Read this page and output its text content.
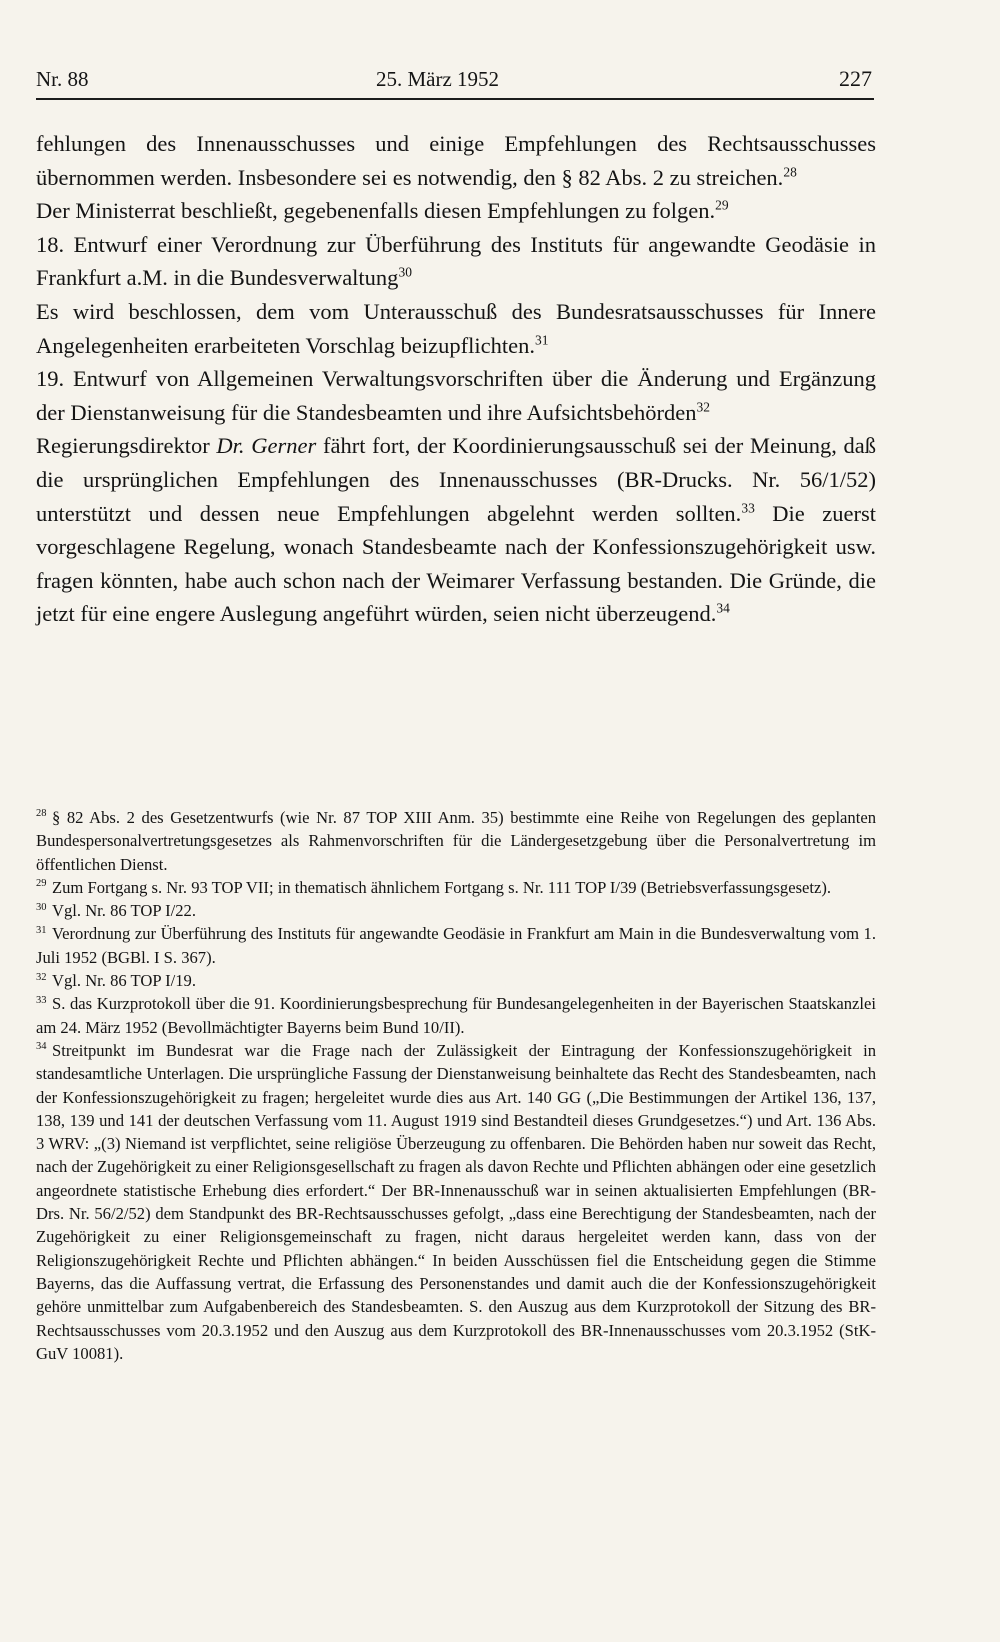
Nr. 88	25. März 1952	227

fehlungen des Innenausschusses und einige Empfehlungen des Rechtsausschusses übernommen werden. Insbesondere sei es notwendig, den § 82 Abs. 2 zu streichen.$^{28}$

Der Ministerrat beschließt, gegebenenfalls diesen Empfehlungen zu folgen.$^{29}$

18. Entwurf einer Verordnung zur Überführung des Instituts für angewandte Geodäsie in Frankfurt a.M. in die Bundesverwaltung$^{30}$

Es wird beschlossen, dem vom Unterausschuß des Bundesratsausschusses für Innere Angelegenheiten erarbeiteten Vorschlag beizupflichten.$^{31}$

19. Entwurf von Allgemeinen Verwaltungsvorschriften über die Änderung und Ergänzung der Dienstanweisung für die Standesbeamten und ihre Aufsichtsbehörden$^{32}$

Regierungsdirektor Dr. Gerner fährt fort, der Koordinierungsausschuß sei der Meinung, daß die ursprünglichen Empfehlungen des Innenausschusses (BR-Drucks. Nr. 56/1/52) unterstützt und dessen neue Empfehlungen abgelehnt werden sollten.$^{33}$ Die zuerst vorgeschlagene Regelung, wonach Standesbeamte nach der Konfessionszugehörigkeit usw. fragen könnten, habe auch schon nach der Weimarer Verfassung bestanden. Die Gründe, die jetzt für eine engere Auslegung angeführt würden, seien nicht überzeugend.$^{34}$

28 § 82 Abs. 2 des Gesetzentwurfs (wie Nr. 87 TOP XIII Anm. 35) bestimmte eine Reihe von Regelungen des geplanten Bundespersonalvertretungsgesetzes als Rahmenvorschriften für die Ländergesetzgebung über die Personalvertretung im öffentlichen Dienst.

29 Zum Fortgang s. Nr. 93 TOP VII; in thematisch ähnlichem Fortgang s. Nr. 111 TOP I/39 (Betriebsverfassungsgesetz).

30 Vgl. Nr. 86 TOP I/22.

31 Verordnung zur Überführung des Instituts für angewandte Geodäsie in Frankfurt am Main in die Bundesverwaltung vom 1. Juli 1952 (BGBl. I S. 367).

32 Vgl. Nr. 86 TOP I/19.

33 S. das Kurzprotokoll über die 91. Koordinierungsbesprechung für Bundesangelegenheiten in der Bayerischen Staatskanzlei am 24. März 1952 (Bevollmächtigter Bayerns beim Bund 10/II).

34 Streitpunkt im Bundesrat war die Frage nach der Zulässigkeit der Eintragung der Konfessionszugehörigkeit in standesamtliche Unterlagen. Die ursprüngliche Fassung der Dienstanweisung beinhaltete das Recht des Standesbeamten, nach der Konfessionszugehörigkeit zu fragen; hergeleitet wurde dies aus Art. 140 GG („Die Bestimmungen der Artikel 136, 137, 138, 139 und 141 der deutschen Verfassung vom 11. August 1919 sind Bestandteil dieses Grundgesetzes.“) und Art. 136 Abs. 3 WRV: „(3) Niemand ist verpflichtet, seine religiöse Überzeugung zu offenbaren. Die Behörden haben nur soweit das Recht, nach der Zugehörigkeit zu einer Religionsgesellschaft zu fragen als davon Rechte und Pflichten abhängen oder eine gesetzlich angeordnete statistische Erhebung dies erfordert.“ Der BR-Innenausschuß war in seinen aktualisierten Empfehlungen (BR-Drs. Nr. 56/2/52) dem Standpunkt des BR-Rechtsausschusses gefolgt, „dass eine Berechtigung der Standesbeamten, nach der Zugehörigkeit zu einer Religionsgemeinschaft zu fragen, nicht daraus hergeleitet werden kann, dass von der Religionszugehörigkeit Rechte und Pflichten abhängen.“ In beiden Ausschüssen fiel die Entscheidung gegen die Stimme Bayerns, das die Auffassung vertrat, die Erfassung des Personenstandes und damit auch die der Konfessionszugehörigkeit gehöre unmittelbar zum Aufgabenbereich des Standesbeamten. S. den Auszug aus dem Kurzprotokoll der Sitzung des BR-Rechtsausschusses vom 20.3.1952 und den Auszug aus dem Kurzprotokoll des BR-Innenausschusses vom 20.3.1952 (StK-GuV 10081).
